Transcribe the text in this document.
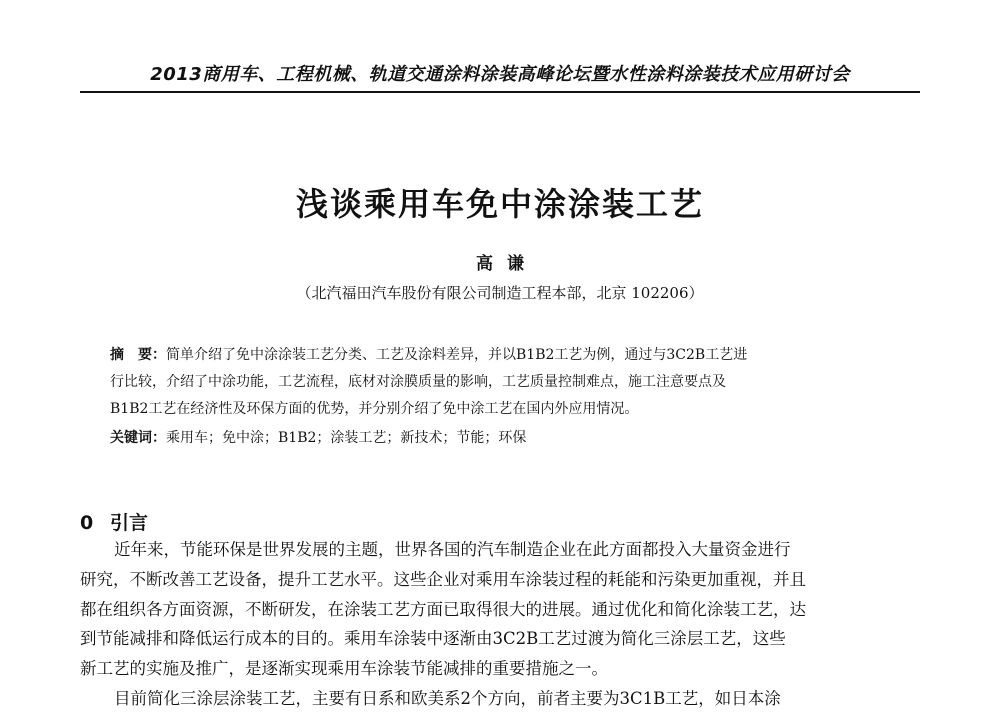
2013商用车、工程机械、轨道交通涂料涂装高峰论坛暨水性涂料涂装技术应用研讨会
浅谈乘用车免中涂涂装工艺
高谦
（北汽福田汽车股份有限公司制造工程本部，北京 102206）
摘　要：简单介绍了免中涂涂装工艺分类、工艺及涂料差异，并以B1B2工艺为例，通过与3C2B工艺进
行比较，介绍了中涂功能，工艺流程，底材对涂膜质量的影响，工艺质量控制难点，施工注意要点及
B1B2工艺在经济性及环保方面的优势，并分别介绍了免中涂工艺在国内外应用情况。
关键词：乘用车；免中涂；B1B2；涂装工艺；新技术；节能；环保
0 引言
近年来，节能环保是世界发展的主题，世界各国的汽车制造企业在此方面都投入大量资金进行
研究，不断改善工艺设备，提升工艺水平。这些企业对乘用车涂装过程的耗能和污染更加重视，并且
都在组织各方面资源，不断研发，在涂装工艺方面已取得很大的进展。通过优化和简化涂装工艺，达
到节能减排和降低运行成本的目的。乘用车涂装中逐渐由3C2B工艺过渡为简化三涂层工艺，这些
新工艺的实施及推广，是逐渐实现乘用车涂装节能减排的重要措施之一。
目前简化三涂层涂装工艺，主要有日系和欧美系2个方向，前者主要为3C1B工艺，如日本涂
